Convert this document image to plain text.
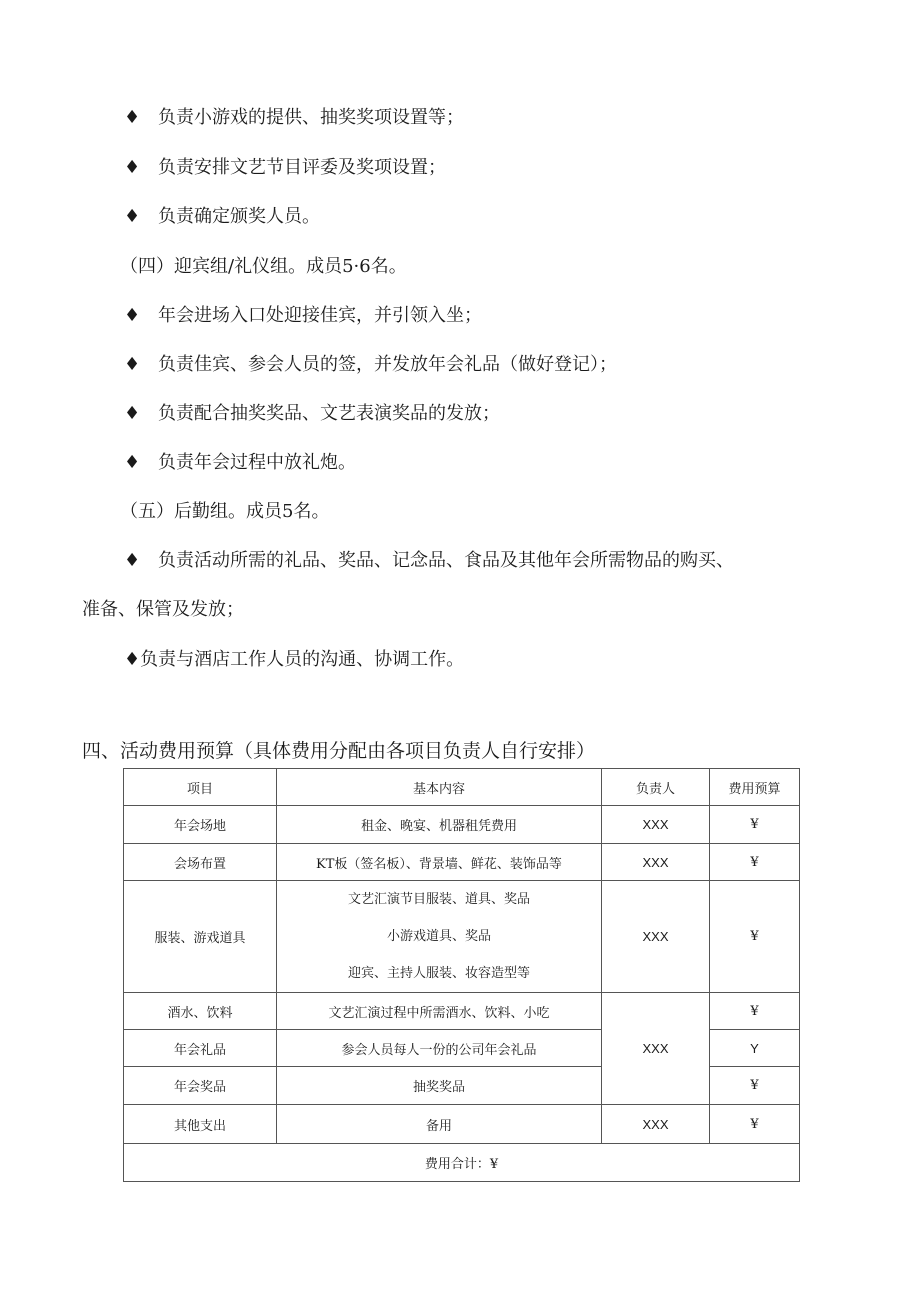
♦ 负责小游戏的提供、抽奖奖项设置等；
♦ 负责安排文艺节目评委及奖项设置；
♦ 负责确定颁奖人员。
（四）迎宾组/礼仪组。成员5·6名。
♦ 年会进场入口处迎接佳宾，并引领入坐；
♦ 负责佳宾、参会人员的签，并发放年会礼品（做好登记）；
♦ 负责配合抽奖奖品、文艺表演奖品的发放；
♦ 负责年会过程中放礼炮。
（五）后勤组。成员5名。
♦ 负责活动所需的礼品、奖品、记念品、食品及其他年会所需物品的购买、
准备、保管及发放；
♦负责与酒店工作人员的沟通、协调工作。
四、活动费用预算（具体费用分配由各项目负责人自行安排）
项目	基本内容	负责人	费用预算
年会场地	租金、晚宴、机器租凭费用	XXX	¥
会场布置	KT板（签名板）、背景墙、鲜花、装饰品等	XXX	¥
服装、游戏道具	文艺汇演节目服装、道具、奖品
小游戏道具、奖品
迎宾、主持人服装、妆容造型等	XXX	¥
酒水、饮料	文艺汇演过程中所需酒水、饮料、小吃	XXX	¥
年会礼品	参会人员每人一份的公司年会礼品		Y
年会奖品	抽奖奖品		¥
其他支出	备用	XXX	¥
费用合计：¥			
